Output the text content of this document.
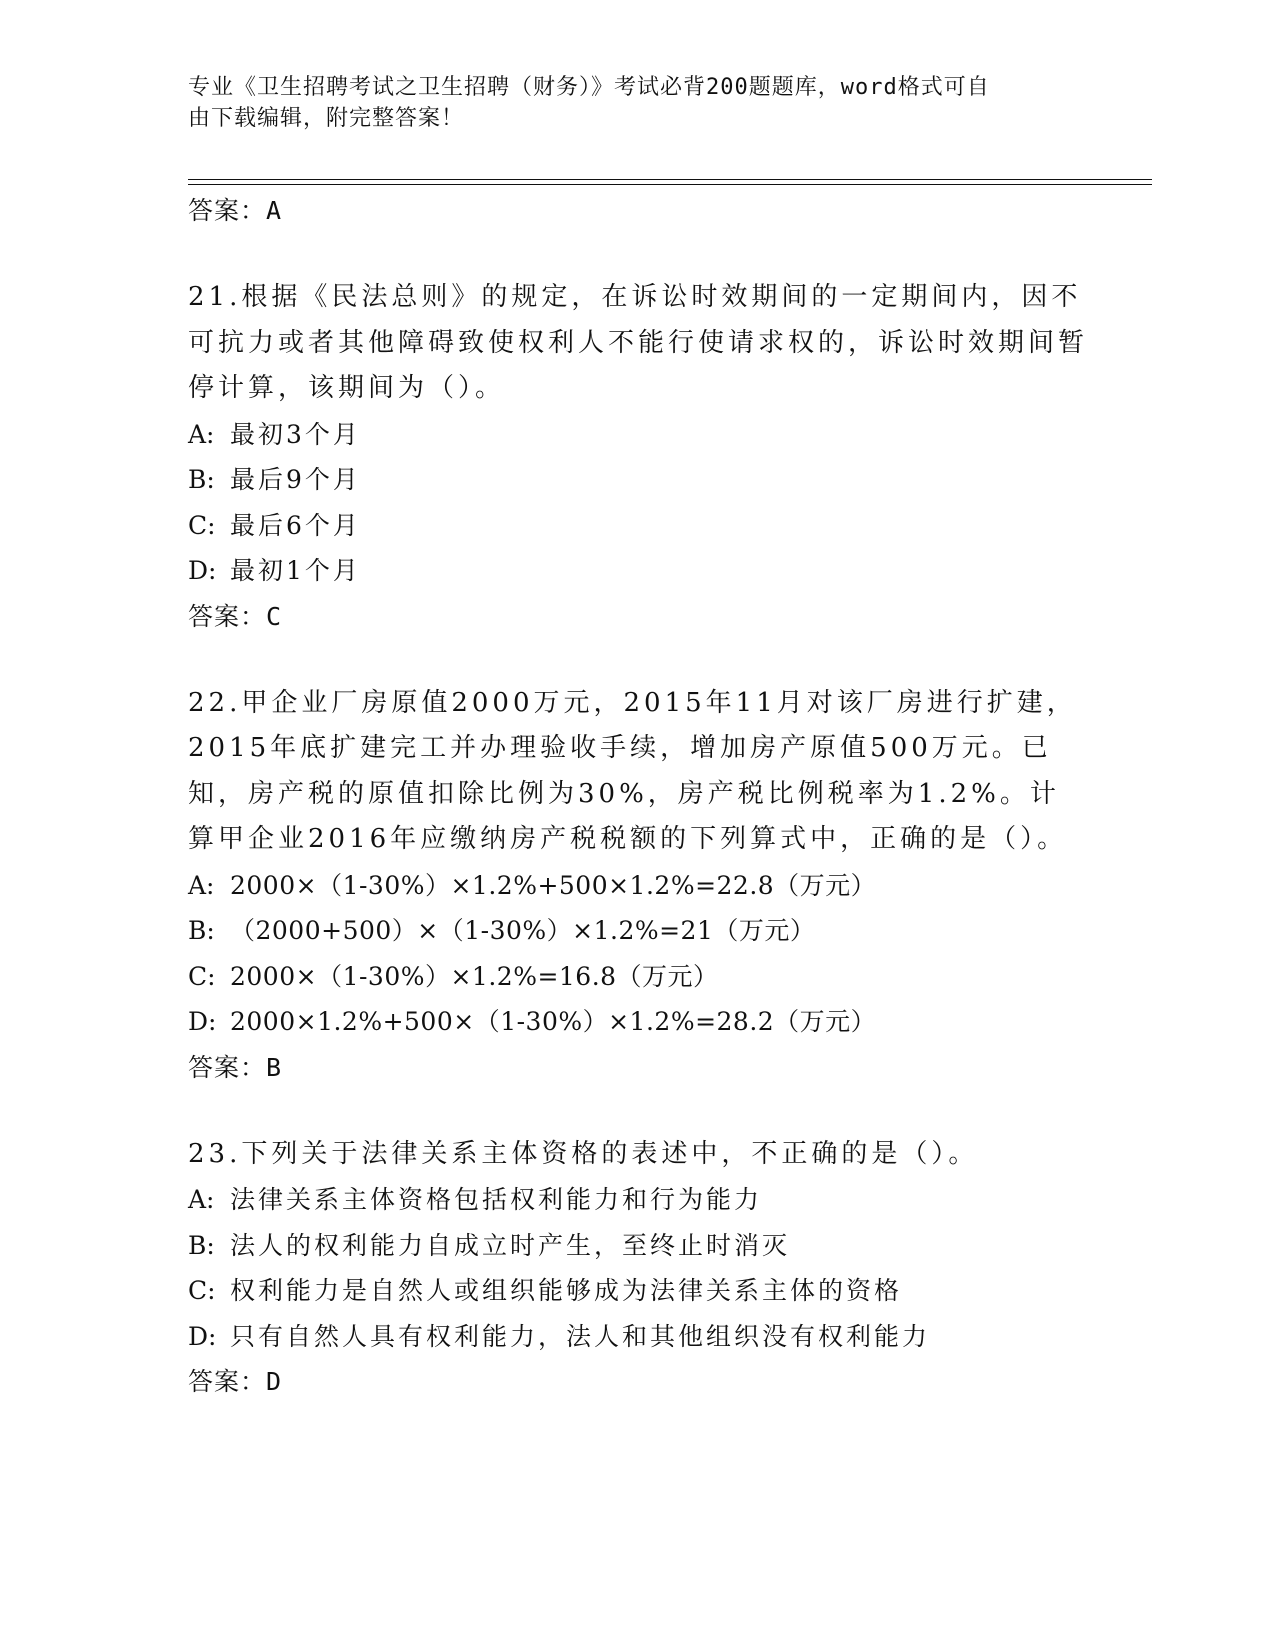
专业《卫生招聘考试之卫生招聘（财务）》考试必背200题题库，word格式可自
由下载编辑，附完整答案！
答案：A
21.根据《民法总则》的规定，在诉讼时效期间的一定期间内，因不可抗力或者其他障碍致使权利人不能行使请求权的，诉讼时效期间暂停计算，该期间为（）。
A: 最初3个月
B: 最后9个月
C: 最后6个月
D: 最初1个月
答案：C
22.甲企业厂房原值2000万元，2015年11月对该厂房进行扩建，2015年底扩建完工并办理验收手续，增加房产原值500万元。已知，房产税的原值扣除比例为30%，房产税比例税率为1.2%。计算甲企业2016年应缴纳房产税税额的下列算式中，正确的是（）。
A: 2000×（1-30%）×1.2%+500×1.2%=22.8（万元）
B: （2000+500）×（1-30%）×1.2%=21（万元）
C: 2000×（1-30%）×1.2%=16.8（万元）
D: 2000×1.2%+500×（1-30%）×1.2%=28.2（万元）
答案：B
23.下列关于法律关系主体资格的表述中，不正确的是（）。
A: 法律关系主体资格包括权利能力和行为能力
B: 法人的权利能力自成立时产生，至终止时消灭
C: 权利能力是自然人或组织能够成为法律关系主体的资格
D: 只有自然人具有权利能力，法人和其他组织没有权利能力
答案：D
